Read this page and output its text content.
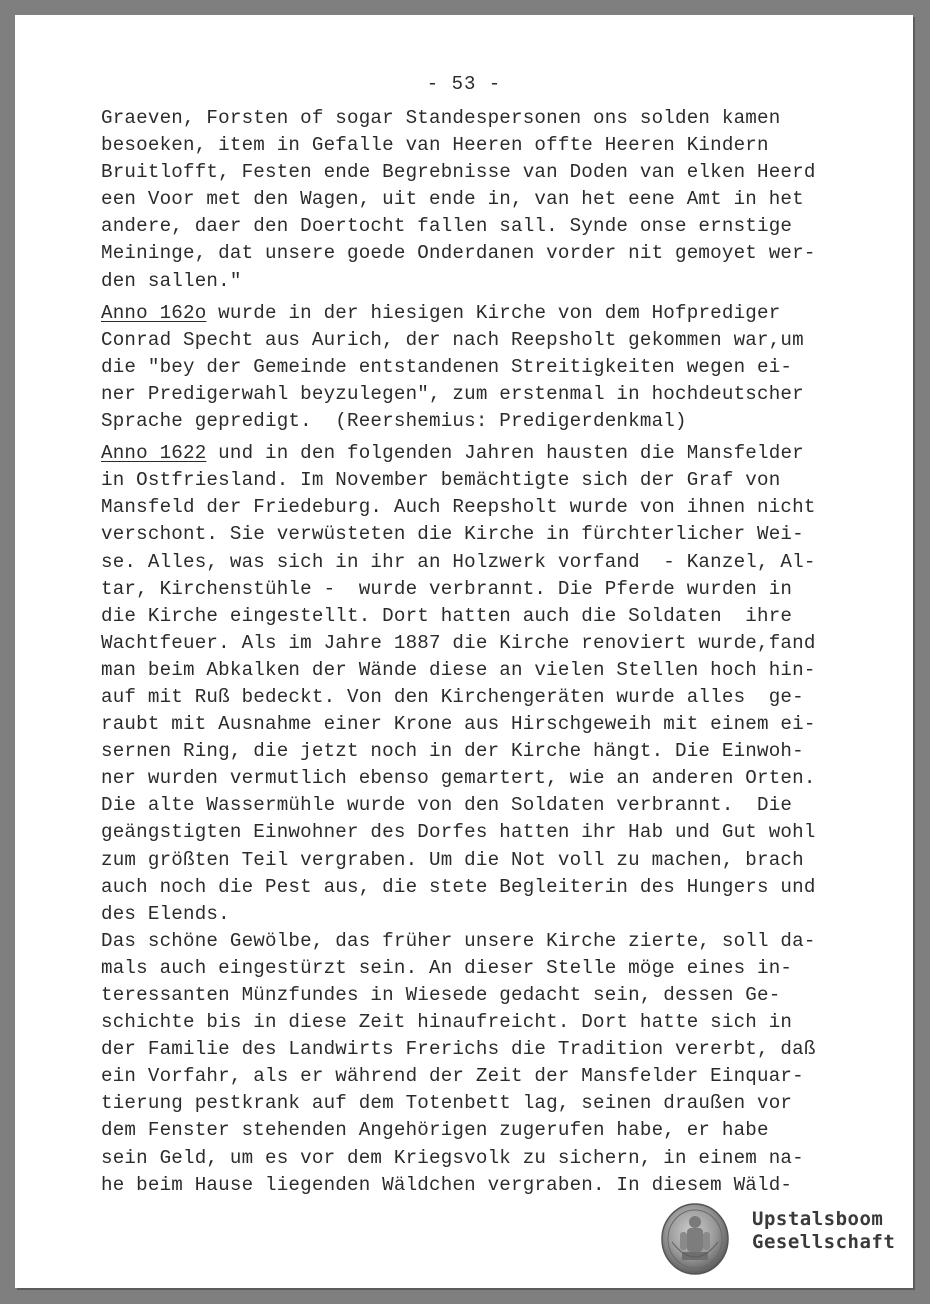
- 53 -
Graeven, Forsten of sogar Standespersonen ons solden kamen
besoeken, item in Gefalle van Heeren offte Heeren Kindern
Bruitlofft, Festen ende Begrebnisse van Doden van elken Heerd
een Voor met den Wagen, uit ende in, van het eene Amt in het
andere, daer den Doertocht fallen sall. Synde onse ernstige
Meininge, dat unsere goede Onderdanen vorder nit gemoyet wer-
den sallen."
Anno 162o wurde in der hiesigen Kirche von dem Hofprediger
Conrad Specht aus Aurich, der nach Reepsholt gekommen war,um
die "bey der Gemeinde entstandenen Streitigkeiten wegen ei-
ner Predigerwahl beyzulegen", zum erstenmal in hochdeutscher
Sprache gepredigt.  (Reershemius: Predigerdenkmal)
Anno 1622 und in den folgenden Jahren hausten die Mansfelder
in Ostfriesland. Im November bemächtigte sich der Graf von
Mansfeld der Friedeburg. Auch Reepsholt wurde von ihnen nicht
verschont. Sie verwüsteten die Kirche in fürchterlicher Wei-
se. Alles, was sich in ihr an Holzwerk vorfand  - Kanzel, Al-
tar, Kirchenstühle -  wurde verbrannt. Die Pferde wurden in
die Kirche eingestellt. Dort hatten auch die Soldaten  ihre
Wachtfeuer. Als im Jahre 1887 die Kirche renoviert wurde,fand
man beim Abkalken der Wände diese an vielen Stellen hoch hin-
auf mit Ruß bedeckt. Von den Kirchengeräten wurde alles  ge-
raubt mit Ausnahme einer Krone aus Hirschgeweih mit einem ei-
sernen Ring, die jetzt noch in der Kirche hängt. Die Einwoh-
ner wurden vermutlich ebenso gemartert, wie an anderen Orten.
Die alte Wassermühle wurde von den Soldaten verbrannt.  Die
geängstigten Einwohner des Dorfes hatten ihr Hab und Gut wohl
zum größten Teil vergraben. Um die Not voll zu machen, brach
auch noch die Pest aus, die stete Begleiterin des Hungers und
des Elends.
Das schöne Gewölbe, das früher unsere Kirche zierte, soll da-
mals auch eingestürzt sein. An dieser Stelle möge eines in-
teressanten Münzfundes in Wiesede gedacht sein, dessen Ge-
schichte bis in diese Zeit hinaufreicht. Dort hatte sich in
der Familie des Landwirts Frerichs die Tradition vererbt, daß
ein Vorfahr, als er während der Zeit der Mansfelder Einquar-
tierung pestkrank auf dem Totenbett lag, seinen draußen vor
dem Fenster stehenden Angehörigen zugerufen habe, er habe
sein Geld, um es vor dem Kriegsvolk zu sichern, in einem na-
he beim Hause liegenden Wäldchen vergraben. In diesem Wäld-
Upstalsboom
Gesellschaft
